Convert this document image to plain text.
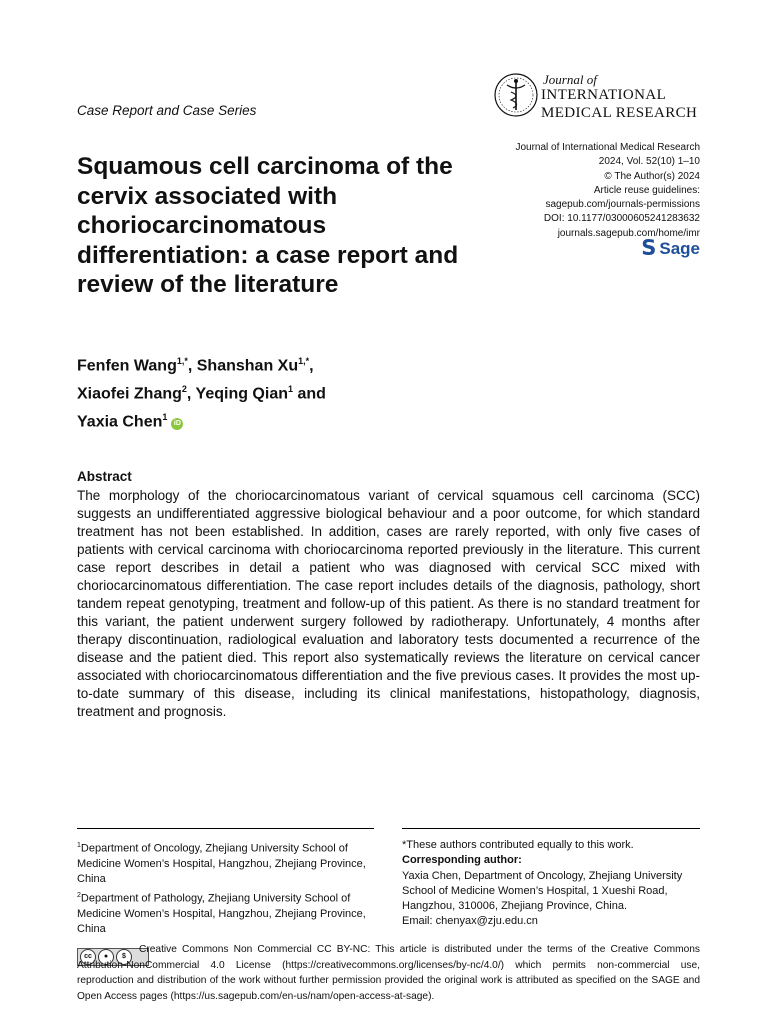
Case Report and Case Series
Journal of
INTERNATIONAL
MEDICAL RESEARCH
Squamous cell carcinoma of the cervix associated with choriocarcinomatous differentiation: a case report and review of the literature
Journal of International Medical Research
2024, Vol. 52(10) 1–10
© The Author(s) 2024
Article reuse guidelines:
sagepub.com/journals-permissions
DOI: 10.1177/03000605241283632
journals.sagepub.com/home/imr
𝗦 Sage
Fenfen Wang$^{1,*}$, Shanshan $Xu^{1,*}$,
Xiaofei Zhang$^2$, Yeqing Qian$^1$ and
Yaxia Chen$^1$iD
Abstract
The morphology of the choriocarcinomatous variant of cervical squamous cell carcinoma (SCC) suggests an undifferentiated aggressive biological behaviour and a poor outcome, for which standard treatment has not been established. In addition, cases are rarely reported, with only five cases of patients with cervical carcinoma with choriocarcinoma reported previously in the literature. This current case report describes in detail a patient who was diagnosed with cervical SCC mixed with choriocarcinomatous differentiation. The case report includes details of the diagnosis, pathology, short tandem repeat genotyping, treatment and follow-up of this patient. As there is no standard treatment for this variant, the patient underwent surgery followed by radiotherapy. Unfortunately, 4 months after therapy discontinuation, radiological evaluation and laboratory tests documented a recurrence of the disease and the patient died. This report also systematically reviews the literature on cervical cancer associated with choriocarcinomatous differentiation and the five previous cases. It provides the most up-to-date summary of this disease, including its clinical manifestations, histopathology, diagnosis, treatment and prognosis.
$^1$Department of Oncology, Zhejiang University School of Medicine Women’s Hospital, Hangzhou, Zhejiang Province, China
$^2$Department of Pathology, Zhejiang University School of Medicine Women’s Hospital, Hangzhou, Zhejiang Province, China
*These authors contributed equally to this work.
Corresponding author:
Yaxia Chen, Department of Oncology, Zhejiang University School of Medicine Women’s Hospital, 1 Xueshi Road, Hangzhou, 310006, Zhejiang Province, China.
Email: chenyax@zju.edu.cn
cc	●	$
Creative Commons Non Commercial CC BY-NC: This article is distributed under the terms of the Creative Commons Attribution-NonCommercial 4.0 License (https://creativecommons.org/licenses/by-nc/4.0/) which permits non-commercial use, reproduction and distribution of the work without further permission provided the original work is attributed as specified on the SAGE and Open Access pages (https://us.sagepub.com/en-us/nam/open-access-at-sage).
